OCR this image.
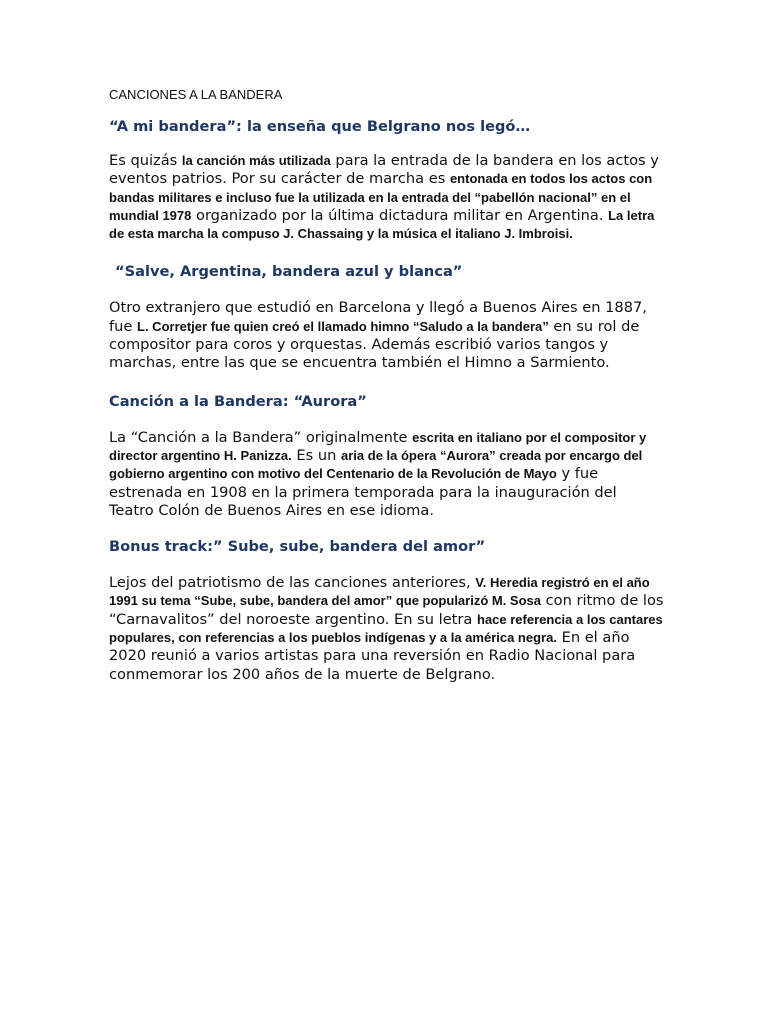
CANCIONES A LA BANDERA
“A mi bandera”: la enseña que Belgrano nos legó…

Es quizás la canción más utilizada para la entrada de la bandera en los actos y eventos patrios. Por su carácter de marcha es entonada en todos los actos con bandas militares e incluso fue la utilizada en la entrada del “pabellón nacional” en el mundial 1978 organizado por la última dictadura militar en Argentina. La letra de esta marcha la compuso J. Chassaing y la música el italiano J. Imbroisi.

“Salve, Argentina, bandera azul y blanca”

Otro extranjero que estudió en Barcelona y llegó a Buenos Aires en 1887, fue L. Corretjer fue quien creó el llamado himno “Saludo a la bandera” en su rol de compositor para coros y orquestas. Además escribió varios tangos y marchas, entre las que se encuentra también el Himno a Sarmiento.

Canción a la Bandera: “Aurora”

La “Canción a la Bandera” originalmente escrita en italiano por el compositor y director argentino H. Panizza. Es un aria de la ópera “Aurora” creada por encargo del gobierno argentino con motivo del Centenario de la Revolución de Mayo y fue estrenada en 1908 en la primera temporada para la inauguración del Teatro Colón de Buenos Aires en ese idioma.

Bonus track:” Sube, sube, bandera del amor”

Lejos del patriotismo de las canciones anteriores, V. Heredia registró en el año 1991 su tema “Sube, sube, bandera del amor” que popularizó M. Sosa con ritmo de los “Carnavalitos” del noroeste argentino. En su letra hace referencia a los cantares populares, con referencias a los pueblos indígenas y a la américa negra. En el año 2020 reunió a varios artistas para una reversión en Radio Nacional para conmemorar los 200 años de la muerte de Belgrano.
